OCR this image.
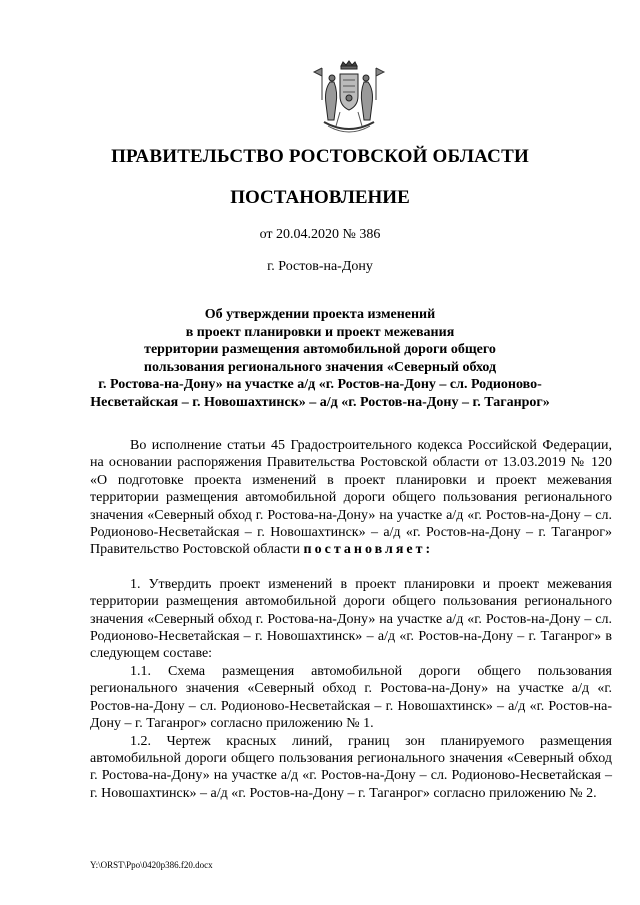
ПРАВИТЕЛЬСТВО РОСТОВСКОЙ ОБЛАСТИ
ПОСТАНОВЛЕНИЕ
от 20.04.2020 № 386
г. Ростов-на-Дону
Об утверждении проекта изменений
в проект планировки и проект межевания
территории размещения автомобильной дороги общего
пользования регионального значения «Северный обход
г. Ростова-на-Дону» на участке а/д «г. Ростов-на-Дону – сл. Родионово-
Несветайская – г. Новошахтинск» – а/д «г. Ростов-на-Дону – г. Таганрог»

Во исполнение статьи 45 Градостроительного кодекса Российской Федерации, на основании распоряжения Правительства Ростовской области от 13.03.2019 № 120 «О подготовке проекта изменений в проект планировки и проект межевания территории размещения автомобильной дороги общего пользования регионального значения «Северный обход г. Ростова-на-Дону» на участке а/д «г. Ростов-на-Дону – сл. Родионово-Несветайская – г. Новошахтинск» – а/д «г. Ростов-на-Дону – г. Таганрог» Правительство Ростовской области постановляет:

1. Утвердить проект изменений в проект планировки и проект межевания территории размещения автомобильной дороги общего пользования регионального значения «Северный обход г. Ростова-на-Дону» на участке а/д «г. Ростов-на-Дону – сл. Родионово-Несветайская – г. Новошахтинск» – а/д «г. Ростов-на-Дону – г. Таганрог» в следующем составе:

1.1. Схема размещения автомобильной дороги общего пользования регионального значения «Северный обход г. Ростова-на-Дону» на участке а/д «г. Ростов-на-Дону – сл. Родионово-Несветайская – г. Новошахтинск» – а/д «г. Ростов-на-Дону – г. Таганрог» согласно приложению № 1.

1.2. Чертеж красных линий, границ зон планируемого размещения автомобильной дороги общего пользования регионального значения «Северный обход г. Ростова-на-Дону» на участке а/д «г. Ростов-на-Дону – сл. Родионово-Несветайская – г. Новошахтинск» – а/д «г. Ростов-на-Дону – г. Таганрог» согласно приложению № 2.

Y:\ORST\Ppo\0420p386.f20.docx
